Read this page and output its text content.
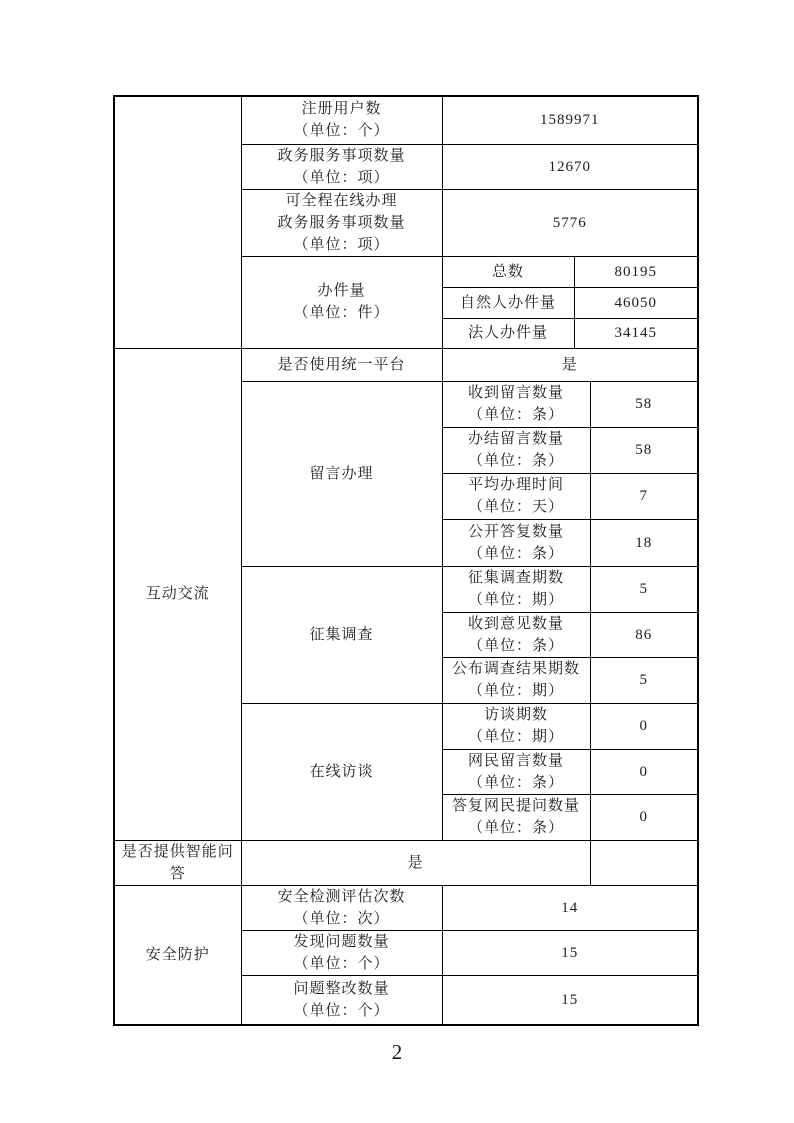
	注册用户数
（单位：个）	1589971		

	政务服务事项数量
（单位：项）	12670		

	可全程在线办理
政务服务事项数量
（单位：项）	5776		

	办件量
（单位：件）	总数	80195	
		自然人办件量	46050	
		法人办件量	34145	
互动交流	是否使用统一平台	是		
	留言办理	收到留言数量
（单位：条）		58

		办结留言数量
（单位：条）		58

		平均办理时间
（单位：天）		7

		公开答复数量
（单位：条）		18
	征集调查	征集调查期数
（单位：期）		5

		收到意见数量
（单位：条）		86

		公布调查结果期数
（单位：期）		5
	在线访谈	访谈期数
（单位：期）		0

		网民留言数量
（单位：条）		0

		答复网民提问数量
（单位：条）		0
是否提供智能问答	是			
安全防护	安全检测评估次数
（单位：次）	14		

	发现问题数量
（单位：个）	15		

	问题整改数量
（单位：个）	15		
2
